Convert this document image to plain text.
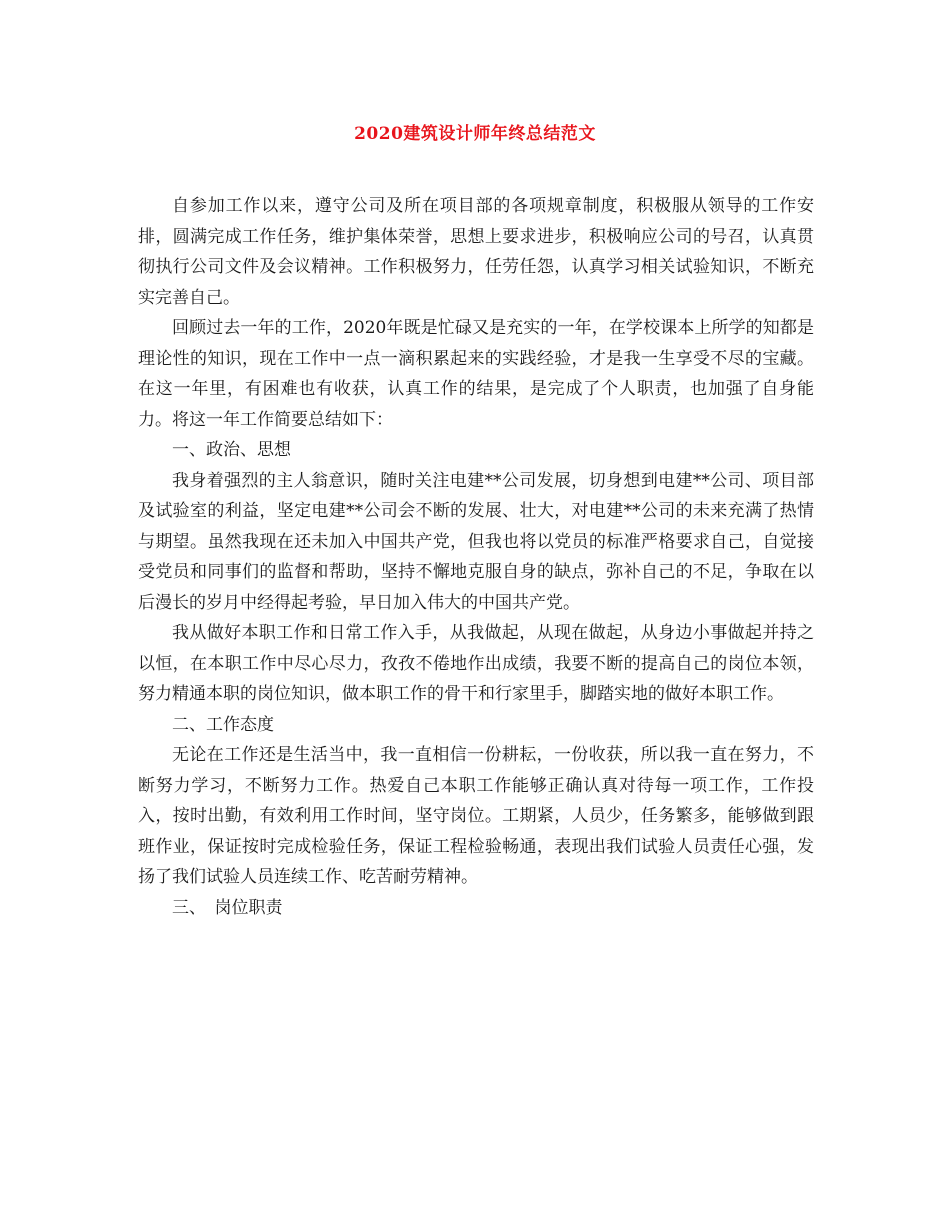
2020建筑设计师年终总结范文

自参加工作以来，遵守公司及所在项目部的各项规章制度，积极服从领导的工作安排，圆满完成工作任务，维护集体荣誉，思想上要求进步，积极响应公司的号召，认真贯彻执行公司文件及会议精神。工作积极努力，任劳任怨，认真学习相关试验知识，不断充实完善自己。

回顾过去一年的工作，2020年既是忙碌又是充实的一年，在学校课本上所学的知都是理论性的知识，现在工作中一点一滴积累起来的实践经验，才是我一生享受不尽的宝藏。在这一年里，有困难也有收获，认真工作的结果，是完成了个人职责，也加强了自身能力。将这一年工作简要总结如下：

一、政治、思想

我身着强烈的主人翁意识，随时关注电建**公司发展，切身想到电建**公司、项目部及试验室的利益，坚定电建**公司会不断的发展、壮大，对电建**公司的未来充满了热情与期望。虽然我现在还未加入中国共产党，但我也将以党员的标准严格要求自己，自觉接受党员和同事们的监督和帮助，坚持不懈地克服自身的缺点，弥补自己的不足，争取在以后漫长的岁月中经得起考验，早日加入伟大的中国共产党。

我从做好本职工作和日常工作入手，从我做起，从现在做起，从身边小事做起并持之以恒，在本职工作中尽心尽力，孜孜不倦地作出成绩，我要不断的提高自己的岗位本领，努力精通本职的岗位知识，做本职工作的骨干和行家里手，脚踏实地的做好本职工作。

二、工作态度

无论在工作还是生活当中，我一直相信一份耕耘，一份收获，所以我一直在努力，不断努力学习，不断努力工作。热爱自己本职工作能够正确认真对待每一项工作，工作投入，按时出勤，有效利用工作时间，坚守岗位。工期紧，人员少，任务繁多，能够做到跟班作业，保证按时完成检验任务，保证工程检验畅通，表现出我们试验人员责任心强，发扬了我们试验人员连续工作、吃苦耐劳精神。

三、　岗位职责
